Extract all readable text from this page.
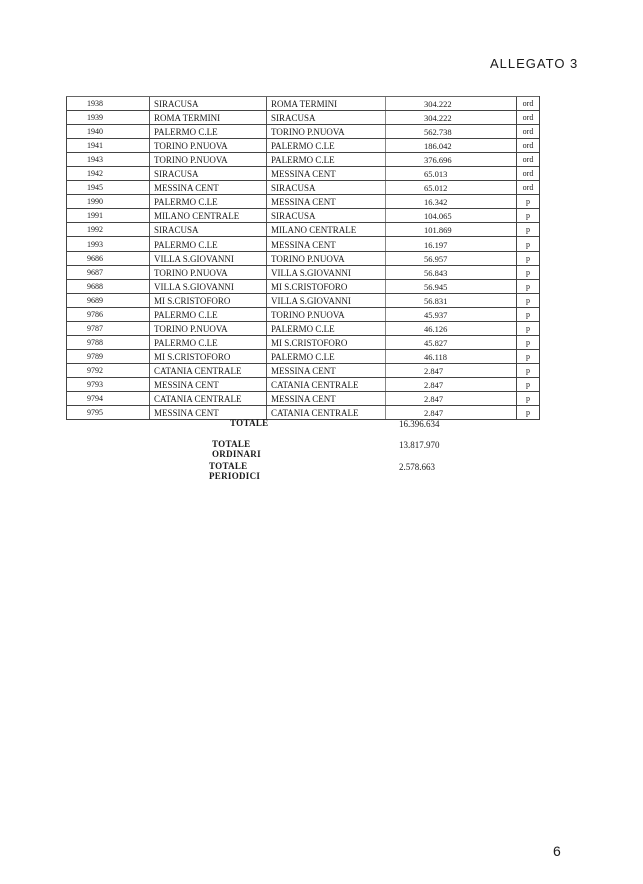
ALLEGATO 3
1938	SIRACUSA	ROMA TERMINI	304.222	ord
1939	ROMA TERMINI	SIRACUSA	304.222	ord
1940	PALERMO C.LE	TORINO P.NUOVA	562.738	ord
1941	TORINO P.NUOVA	PALERMO C.LE	186.042	ord
1943	TORINO P.NUOVA	PALERMO C.LE	376.696	ord
1942	SIRACUSA	MESSINA CENT	65.013	ord
1945	MESSINA CENT	SIRACUSA	65.012	ord
1990	PALERMO C.LE	MESSINA CENT	16.342	p
1991	MILANO CENTRALE	SIRACUSA	104.065	p
1992	SIRACUSA	MILANO CENTRALE	101.869	p
1993	PALERMO C.LE	MESSINA CENT	16.197	p
9686	VILLA S.GIOVANNI	TORINO P.NUOVA	56.957	p
9687	TORINO P.NUOVA	VILLA S.GIOVANNI	56.843	p
9688	VILLA S.GIOVANNI	MI S.CRISTOFORO	56.945	p
9689	MI S.CRISTOFORO	VILLA S.GIOVANNI	56.831	p
9786	PALERMO C.LE	TORINO P.NUOVA	45.937	p
9787	TORINO P.NUOVA	PALERMO C.LE	46.126	p
9788	PALERMO C.LE	MI S.CRISTOFORO	45.827	p
9789	MI S.CRISTOFORO	PALERMO C.LE	46.118	p
9792	CATANIA CENTRALE	MESSINA CENT	2.847	p
9793	MESSINA CENT	CATANIA CENTRALE	2.847	p
9794	CATANIA CENTRALE	MESSINA CENT	2.847	p
9795	MESSINA CENT	CATANIA CENTRALE	2.847	p
TOTALE	16.396.634
TOTALE ORDINARI
13.817.970
TOTALE PERIODICI
2.578.663
6
